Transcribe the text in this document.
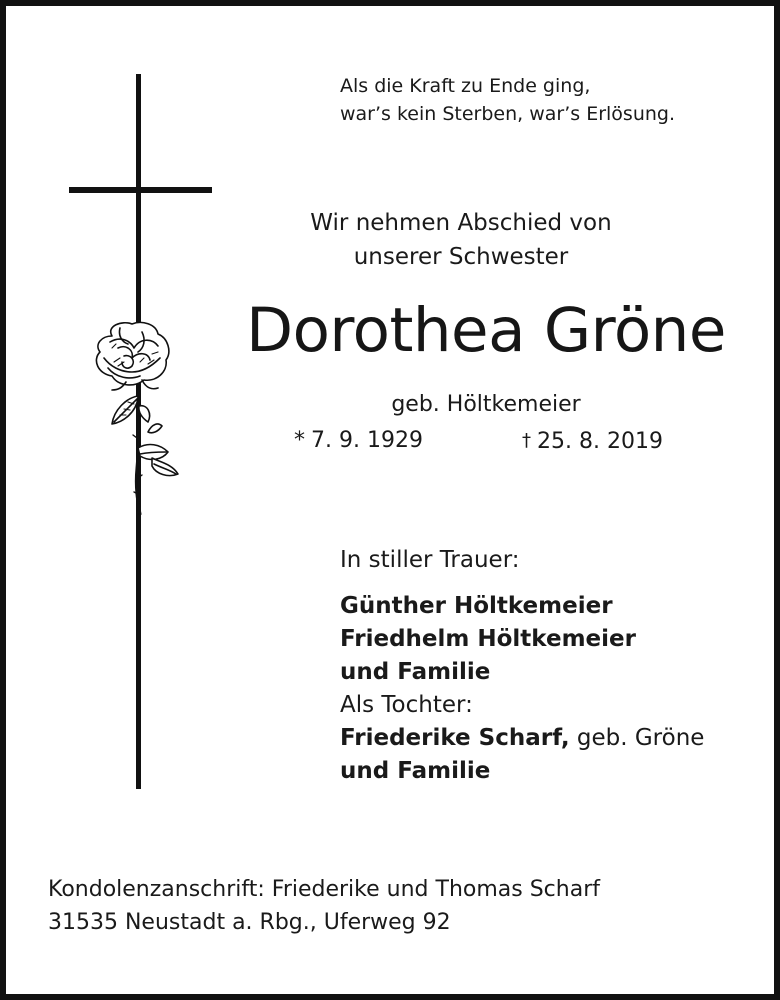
Als die Kraft zu Ende ging,
war’s kein Sterben, war’s Erlösung.
Wir nehmen Abschied von
unserer Schwester
Dorothea Gröne
geb. Höltkemeier
* 7. 9. 1929	† 25. 8. 2019
In stiller Trauer:
Günther Höltkemeier
Friedhelm Höltkemeier
und Familie
Als Tochter:
Friederike Scharf, geb. Gröne
und Familie
Kondolenzanschrift: Friederike und Thomas Scharf
31535 Neustadt a. Rbg., Uferweg 92
